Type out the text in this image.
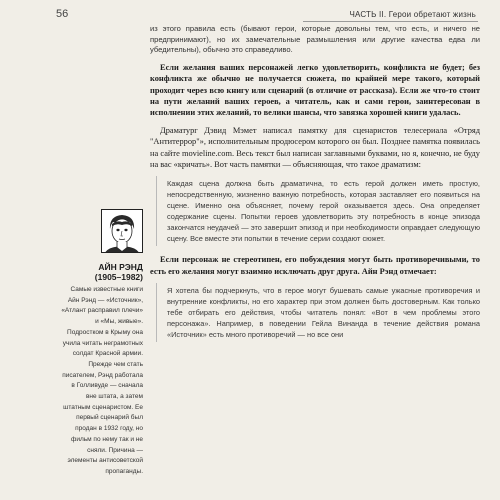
56	ЧАСТЬ II. Герои обретают жизнь

из этого правила есть (бывают герои, которые довольны тем, что есть, и ничего не предпринимают), но их замечательные размышления или другие качества едва ли убедительны), обычно это справедливо.

Если желания ваших персонажей легко удовлетворить, конфликта не будет; без конфликта же обычно не получается сюжета, по крайней мере такого, который проходит через всю книгу или сценарий (в отличие от рассказа). Если же что-то стоит на пути желаний ваших героев, а читатель, как и сами герои, заинтересован в исполнении этих желаний, то велики шансы, что завязка хорошей книги удалась.

Драматург Дэвид Мэмет написал памятку для сценаристов телесериала «Отряд "Антитеррор"», исполнительным продюсером которого он был. Позднее памятка появилась на сайте movieline.com. Весь текст был написан заглавными буквами, но я, конечно, не буду на вас «кричать». Вот часть памятки — объясняющая, что такое драматизм:

Каждая сцена должна быть драматична, то есть герой должен иметь простую, непосредственную, жизненно важную потребность, которая заставляет его появиться на сцене. Именно она объясняет, почему герой оказывается здесь. Она определяет содержание сцены. Попытки героев удовлетворить эту потребность в конце эпизода закончатся неудачей — это завершит эпизод и при необходимости оправдает следующую сцену. Все вместе эти попытки в течение серии создают сюжет.

Если персонаж не стереотипен, его побуждения могут быть противоречивыми, то есть его желания могут взаимно исключать друг друга. Айн Рэнд отмечает:

Я хотела бы подчеркнуть, что в герое могут бушевать самые ужасные противоречия и внутренние конфликты, но его характер при этом должен быть достоверным. Как только тебе отбирать его действия, чтобы читатель понял: «Вот в чем проблемы этого персонажа». Например, в поведении Гейла Винанда в течение действия романа «Источник» есть много противоречий — но все они

АЙН РЭНД

(1905–1982)

Самые известные книги Айн Рэнд — «Источник», «Атлант расправил плечи» и «Мы, живые». Подростком в Крыму она учила читать неграмотных солдат Красной армии. Прежде чем стать писателем, Рэнд работала в Голливуде — сначала вне штата, а затем штатным сценаристом. Ее первый сценарий был продан в 1932 году, но фильм по нему так и не сняли. Причина — элементы антисоветской пропаганды.
